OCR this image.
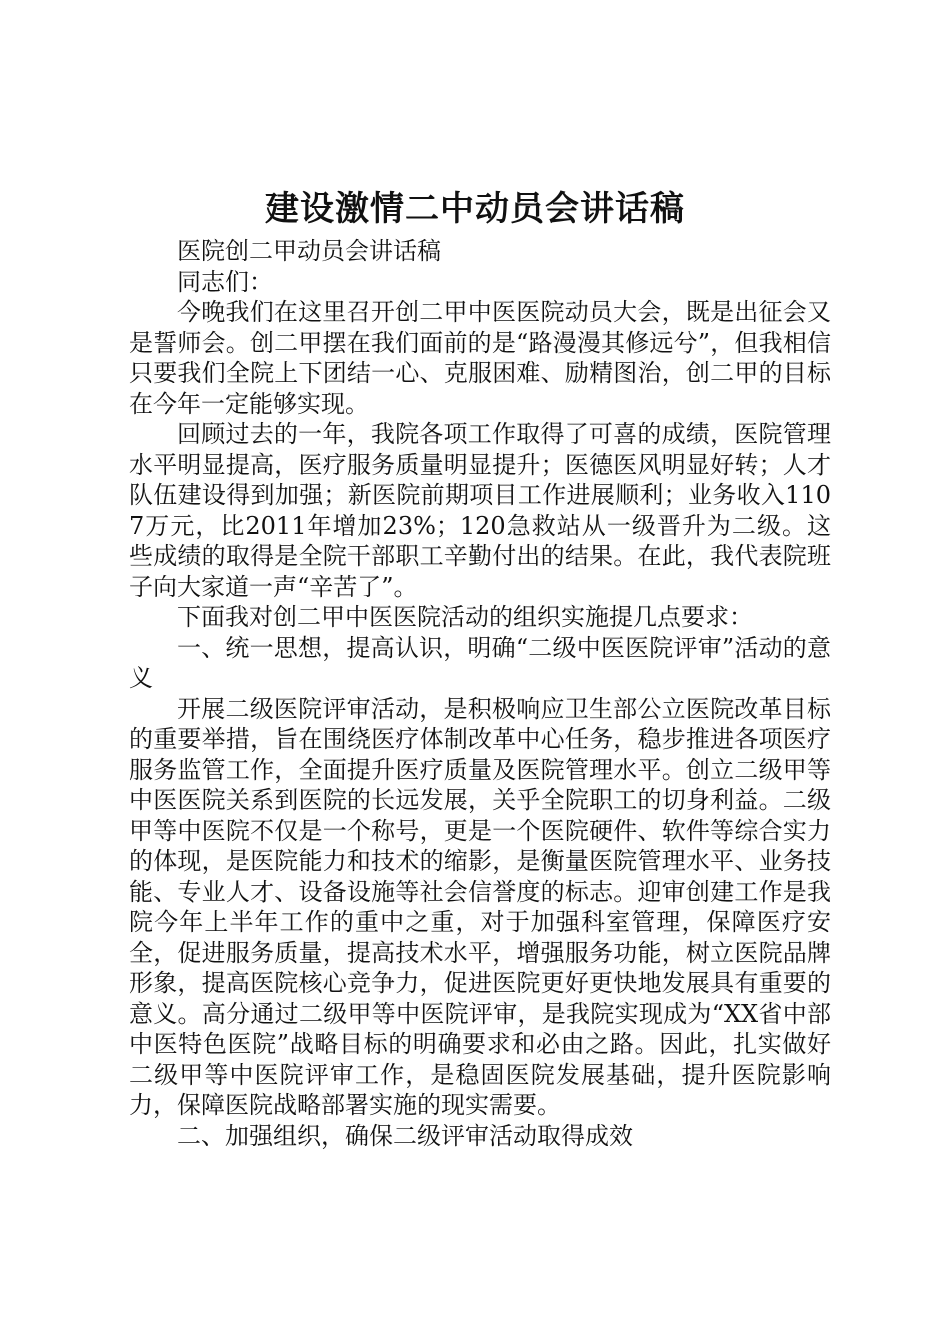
建设激情二中动员会讲话稿

医院创二甲动员会讲话稿

同志们：

今晚我们在这里召开创二甲中医医院动员大会，既是出征会又是誓师会。创二甲摆在我们面前的是“路漫漫其修远兮”，但我相信只要我们全院上下团结一心、克服困难、励精图治，创二甲的目标在今年一定能够实现。

回顾过去的一年，我院各项工作取得了可喜的成绩，医院管理水平明显提高，医疗服务质量明显提升；医德医风明显好转；人才队伍建设得到加强；新医院前期项目工作进展顺利；业务收入1107万元，比2011年增加23%；120急救站从一级晋升为二级。这些成绩的取得是全院干部职工辛勤付出的结果。在此，我代表院班子向大家道一声“辛苦了”。

下面我对创二甲中医医院活动的组织实施提几点要求：

一、统一思想，提高认识，明确“二级中医医院评审”活动的意义

开展二级医院评审活动，是积极响应卫生部公立医院改革目标的重要举措，旨在围绕医疗体制改革中心任务，稳步推进各项医疗服务监管工作，全面提升医疗质量及医院管理水平。创立二级甲等中医医院关系到医院的长远发展，关乎全院职工的切身利益。二级甲等中医院不仅是一个称号，更是一个医院硬件、软件等综合实力的体现，是医院能力和技术的缩影，是衡量医院管理水平、业务技能、专业人才、设备设施等社会信誉度的标志。迎审创建工作是我院今年上半年工作的重中之重，对于加强科室管理，保障医疗安全，促进服务质量，提高技术水平，增强服务功能，树立医院品牌形象，提高医院核心竞争力，促进医院更好更快地发展具有重要的意义。高分通过二级甲等中医院评审，是我院实现成为“XX省中部中医特色医院”战略目标的明确要求和必由之路。因此，扎实做好二级甲等中医院评审工作，是稳固医院发展基础，提升医院影响力，保障医院战略部署实施的现实需要。

二、加强组织，确保二级评审活动取得成效
